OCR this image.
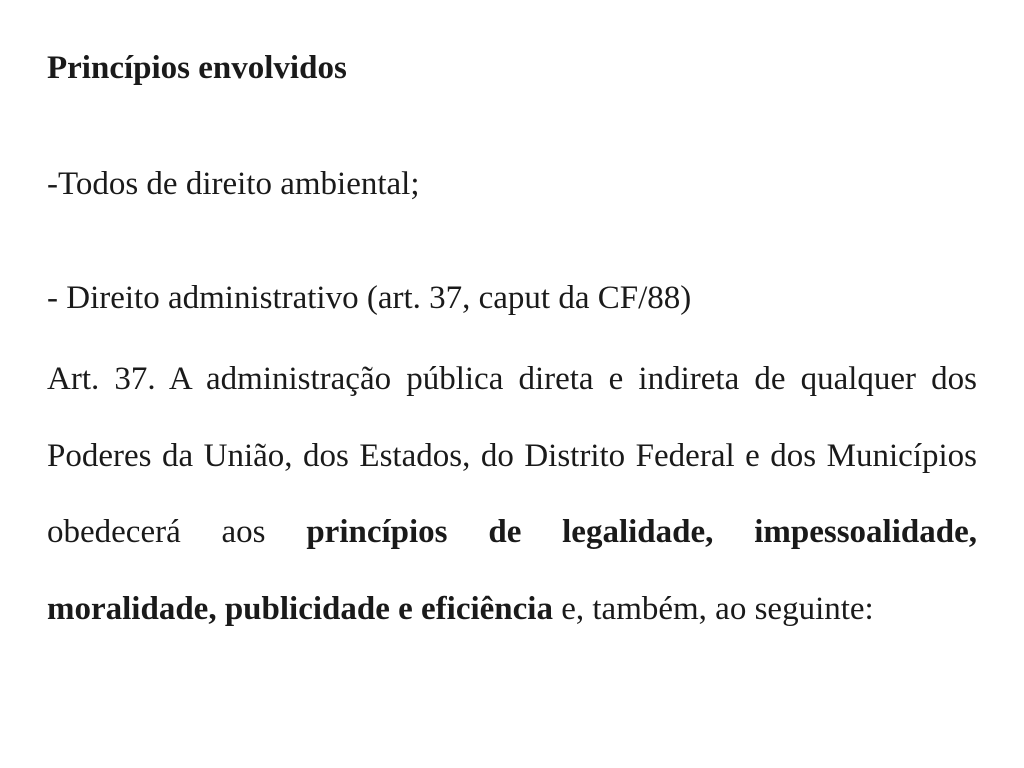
Princípios envolvidos

-Todos de direito ambiental;

- Direito administrativo (art. 37, caput da CF/88)

Art. 37. A administração pública direta e indireta de qualquer dos Poderes da União, dos Estados, do Distrito Federal e dos Municípios obedecerá aos princípios de legalidade, impessoalidade, moralidade, publicidade e eficiência e, também, ao seguinte:
